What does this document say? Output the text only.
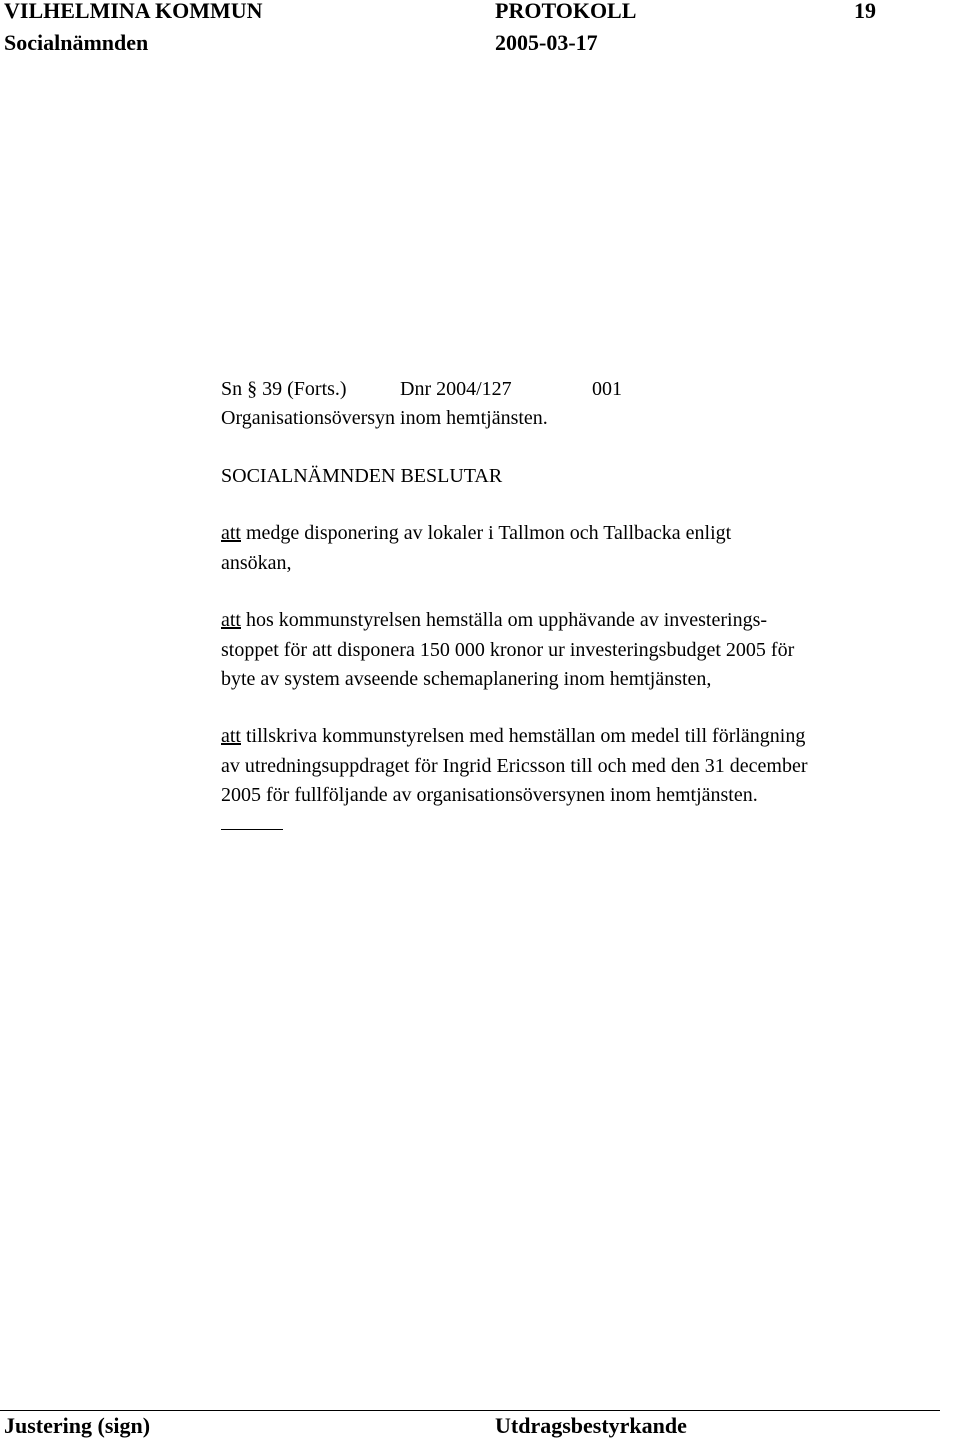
VILHELMINA KOMMUN	PROTOKOLL	19
Socialnämnden	2005-03-17
Sn § 39 (Forts.)	Dnr 2004/127	001
Organisationsöversyn inom hemtjänsten.
SOCIALNÄMNDEN BESLUTAR
att medge disponering av lokaler i Tallmon och Tallbacka enligt
ansökan,
att hos kommunstyrelsen hemställa om upphävande av investerings-
stoppet för att disponera 150 000 kronor ur investeringsbudget 2005 för
byte av system avseende schemaplanering inom hemtjänsten,
att tillskriva kommunstyrelsen med hemställan om medel till förlängning
av utredningsuppdraget för Ingrid Ericsson till och med den 31 december
2005 för fullföljande av organisationsöversynen inom hemtjänsten.
Justering (sign)	Utdragsbestyrkande
